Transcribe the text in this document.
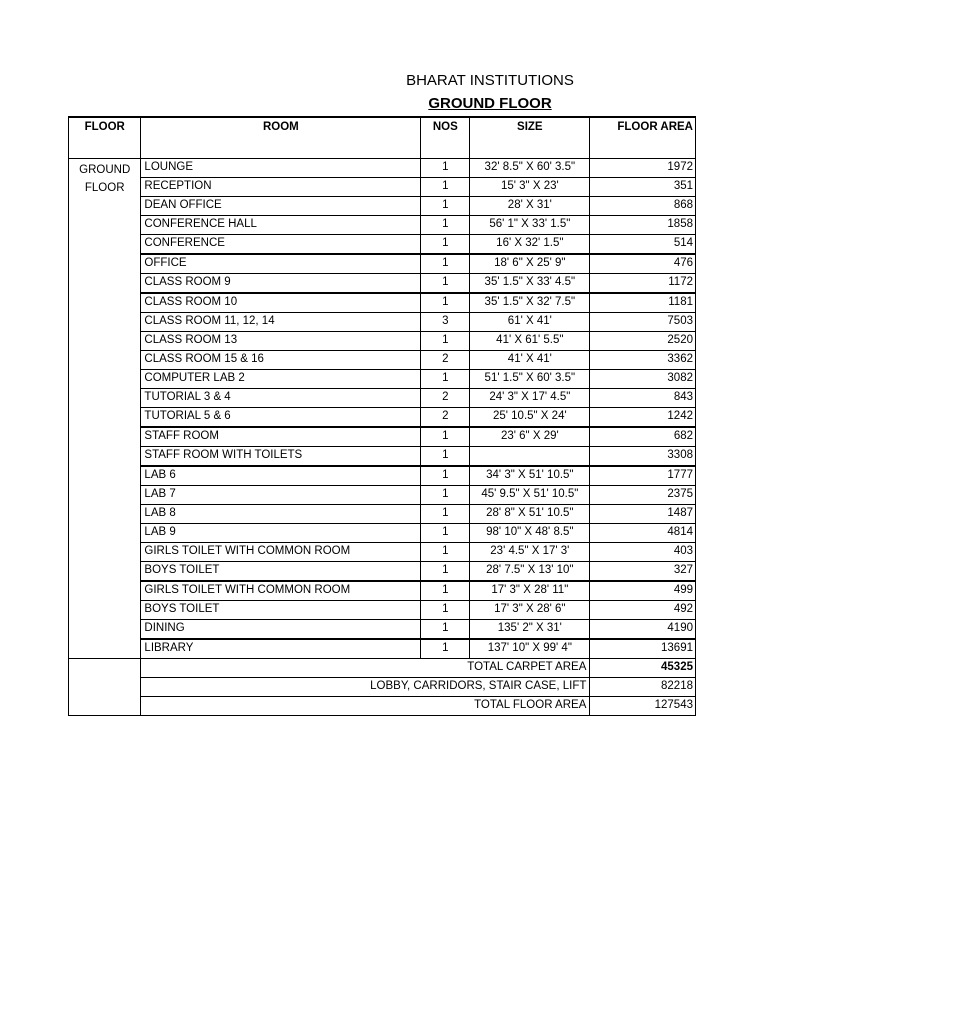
BHARAT INSTITUTIONS
GROUND FLOOR
FLOOR	ROOM	NOS	SIZE	FLOOR AREA

GROUND
FLOOR	LOUNGE	1	32' 8.5" X 60' 3.5"	1972
	RECEPTION	1	15' 3" X 23'	351
	DEAN OFFICE	1	28' X 31'	868
	CONFERENCE HALL	1	56' 1" X 33' 1.5"	1858
	CONFERENCE	1	16' X 32' 1.5"	514
	OFFICE	1	18' 6" X 25' 9"	476
	CLASS ROOM 9	1	35' 1.5" X 33' 4.5"	1172
	CLASS ROOM 10	1	35' 1.5" X 32' 7.5"	1181
	CLASS ROOM 11, 12, 14	3	61' X 41'	7503
	CLASS ROOM 13	1	41' X 61' 5.5"	2520
	CLASS ROOM 15 & 16	2	41' X 41'	3362
	COMPUTER LAB 2	1	51' 1.5" X 60' 3.5"	3082
	TUTORIAL 3 & 4	2	24' 3" X 17' 4.5"	843
	TUTORIAL 5 & 6	2	25' 10.5" X 24'	1242
	STAFF ROOM	1	23' 6" X 29'	682
	STAFF ROOM WITH TOILETS	1		3308
	LAB 6	1	34' 3" X 51' 10.5"	1777
	LAB 7	1	45' 9.5" X 51' 10.5"	2375
	LAB 8	1	28' 8" X 51' 10.5"	1487
	LAB 9	1	98' 10" X 48' 8.5"	4814
	GIRLS TOILET WITH COMMON ROOM	1	23' 4.5" X 17' 3'	403
	BOYS TOILET	1	28' 7.5" X 13' 10"	327
	GIRLS TOILET WITH COMMON ROOM	1	17' 3" X 28' 11"	499
	BOYS TOILET	1	17' 3" X 28' 6"	492
	DINING	1	135' 2" X 31'	4190
	LIBRARY	1	137' 10" X 99' 4"	13691
	TOTAL CARPET AREA			45325
	LOBBY, CARRIDORS, STAIR CASE, LIFT			82218
	TOTAL FLOOR AREA			127543
